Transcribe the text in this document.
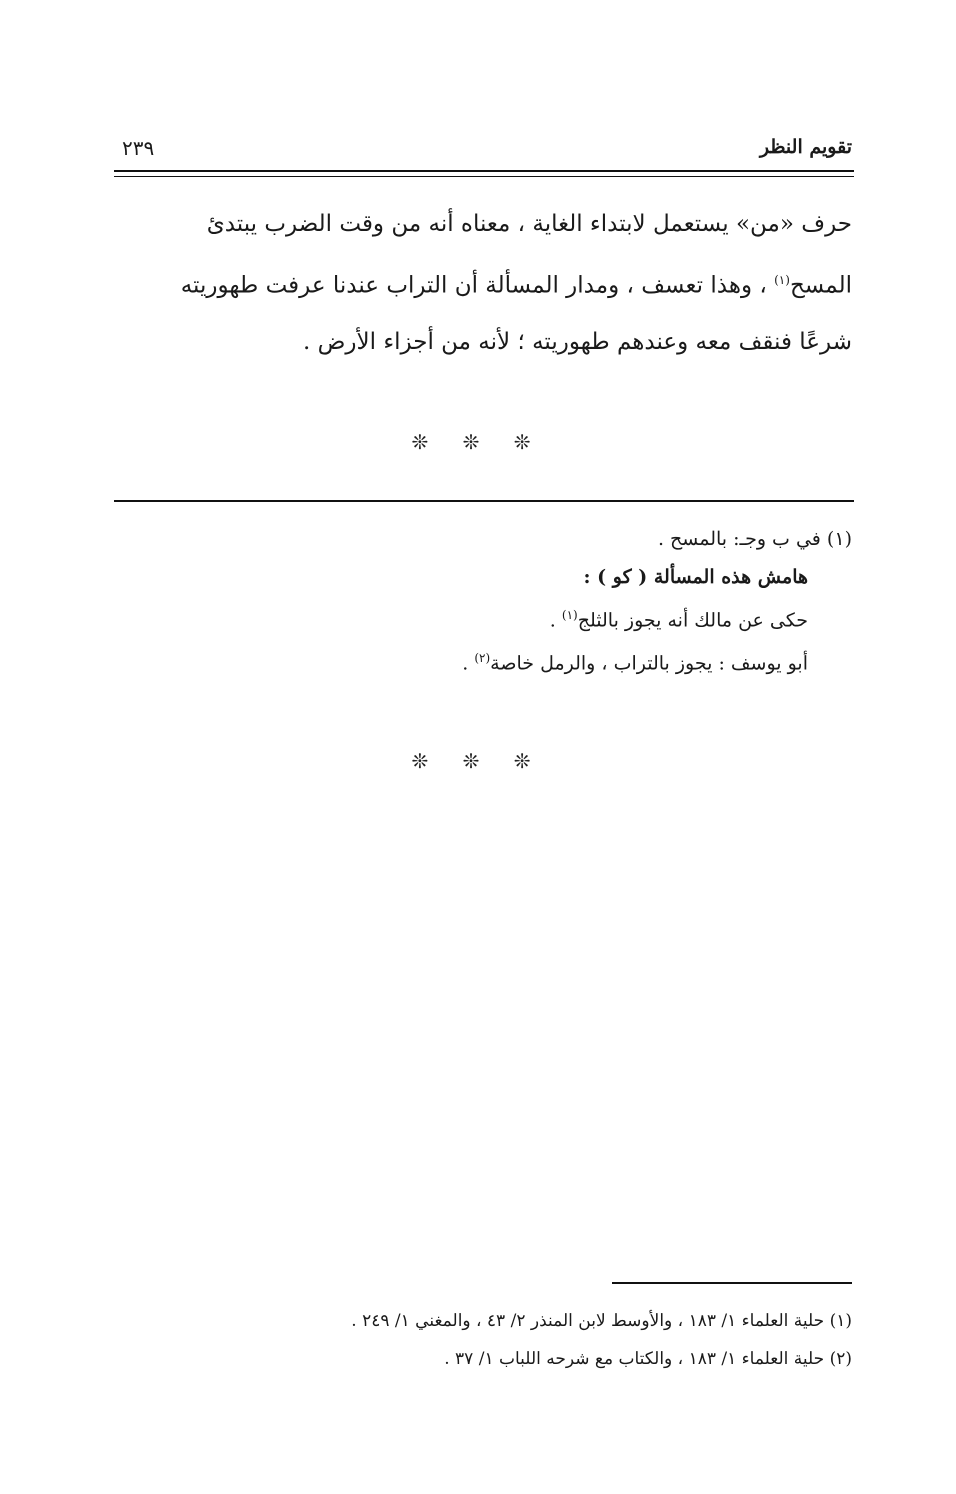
تقويم النظر
٢٣٩

حرف «من» يستعمل لابتداء الغاية ، معناه أنه من وقت الضرب يبتدئ

المسح$^{(١)}$ ، وهذا تعسف ، ومدار المسألة أن التراب عندنا عرفت طهوريته

شرعًا فنقف معه وعندهم طهوريته ؛ لأنه من أجزاء الأرض .

❊ ❊ ❊
(١) في ب وجـ: بالمسح .
هامش هذه المسألة ( كو ) :
حكى عن مالك أنه يجوز بالثلج$^{(١)}$ .
أبو يوسف : يجوز بالتراب ، والرمل خاصة$^{(٢)}$ .
❊ ❊ ❊
(١) حلية العلماء ١/ ١٨٣ ، والأوسط لابن المنذر ٢/ ٤٣ ، والمغني ١/ ٢٤٩ .
(٢) حلية العلماء ١/ ١٨٣ ، والكتاب مع شرحه اللباب ١/ ٣٧ .
